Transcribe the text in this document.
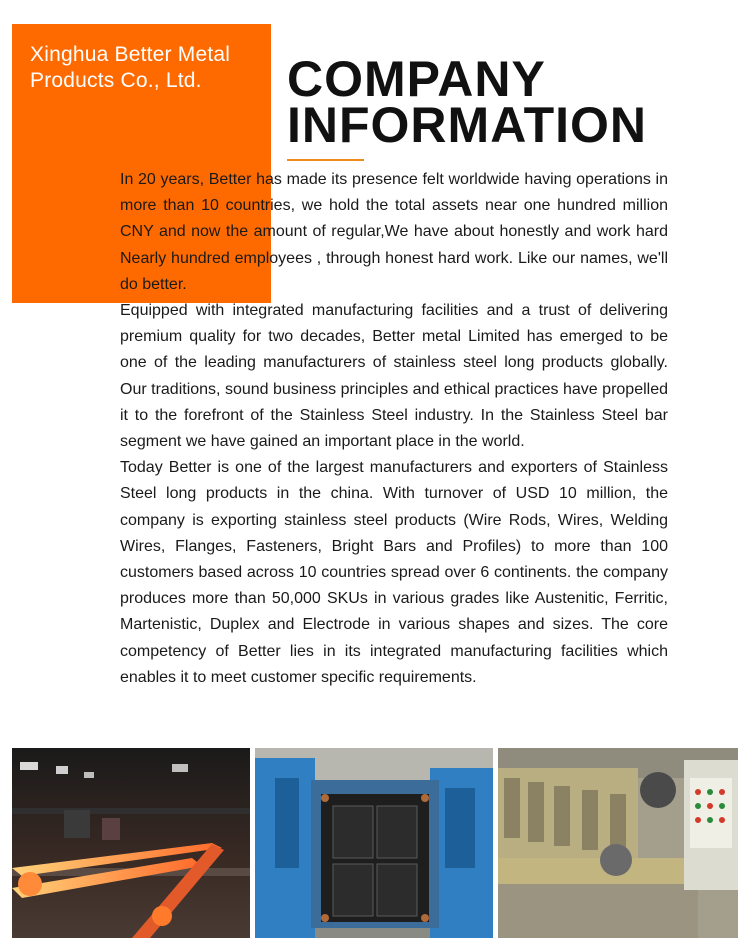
Xinghua Better Metal
Products Co., Ltd.	COMPANY
INFORMATION

In 20 years, Better has made its presence felt worldwide having operations in more than 10 countries, we hold the total assets near one hundred million CNY and now the amount of regular,We have about honestly and work hard Nearly hundred employees , through honest hard work. Like our names, we'll do better.

Equipped with integrated manufacturing facilities and a trust of delivering premium quality for two decades, Better metal Limited has emerged to be one of the leading manufacturers of stainless steel long products globally. Our traditions, sound business principles and ethical practices have propelled it to the forefront of the Stainless Steel industry. In the Stainless Steel bar segment we have gained an important place in the world.

Today Better is one of the largest manufacturers and exporters of Stainless Steel long products in the china. With turnover of USD 10 million, the company is exporting stainless steel products (Wire Rods, Wires, Welding Wires, Flanges, Fasteners, Bright Bars and Profiles) to more than 100 customers based across 10 countries spread over 6 continents. the company produces more than 50,000 SKUs in various grades like Austenitic, Ferritic, Martenistic, Duplex and Electrode in various shapes and sizes. The core competency of Better lies in its integrated manufacturing facilities which enables it to meet customer specific requirements.
